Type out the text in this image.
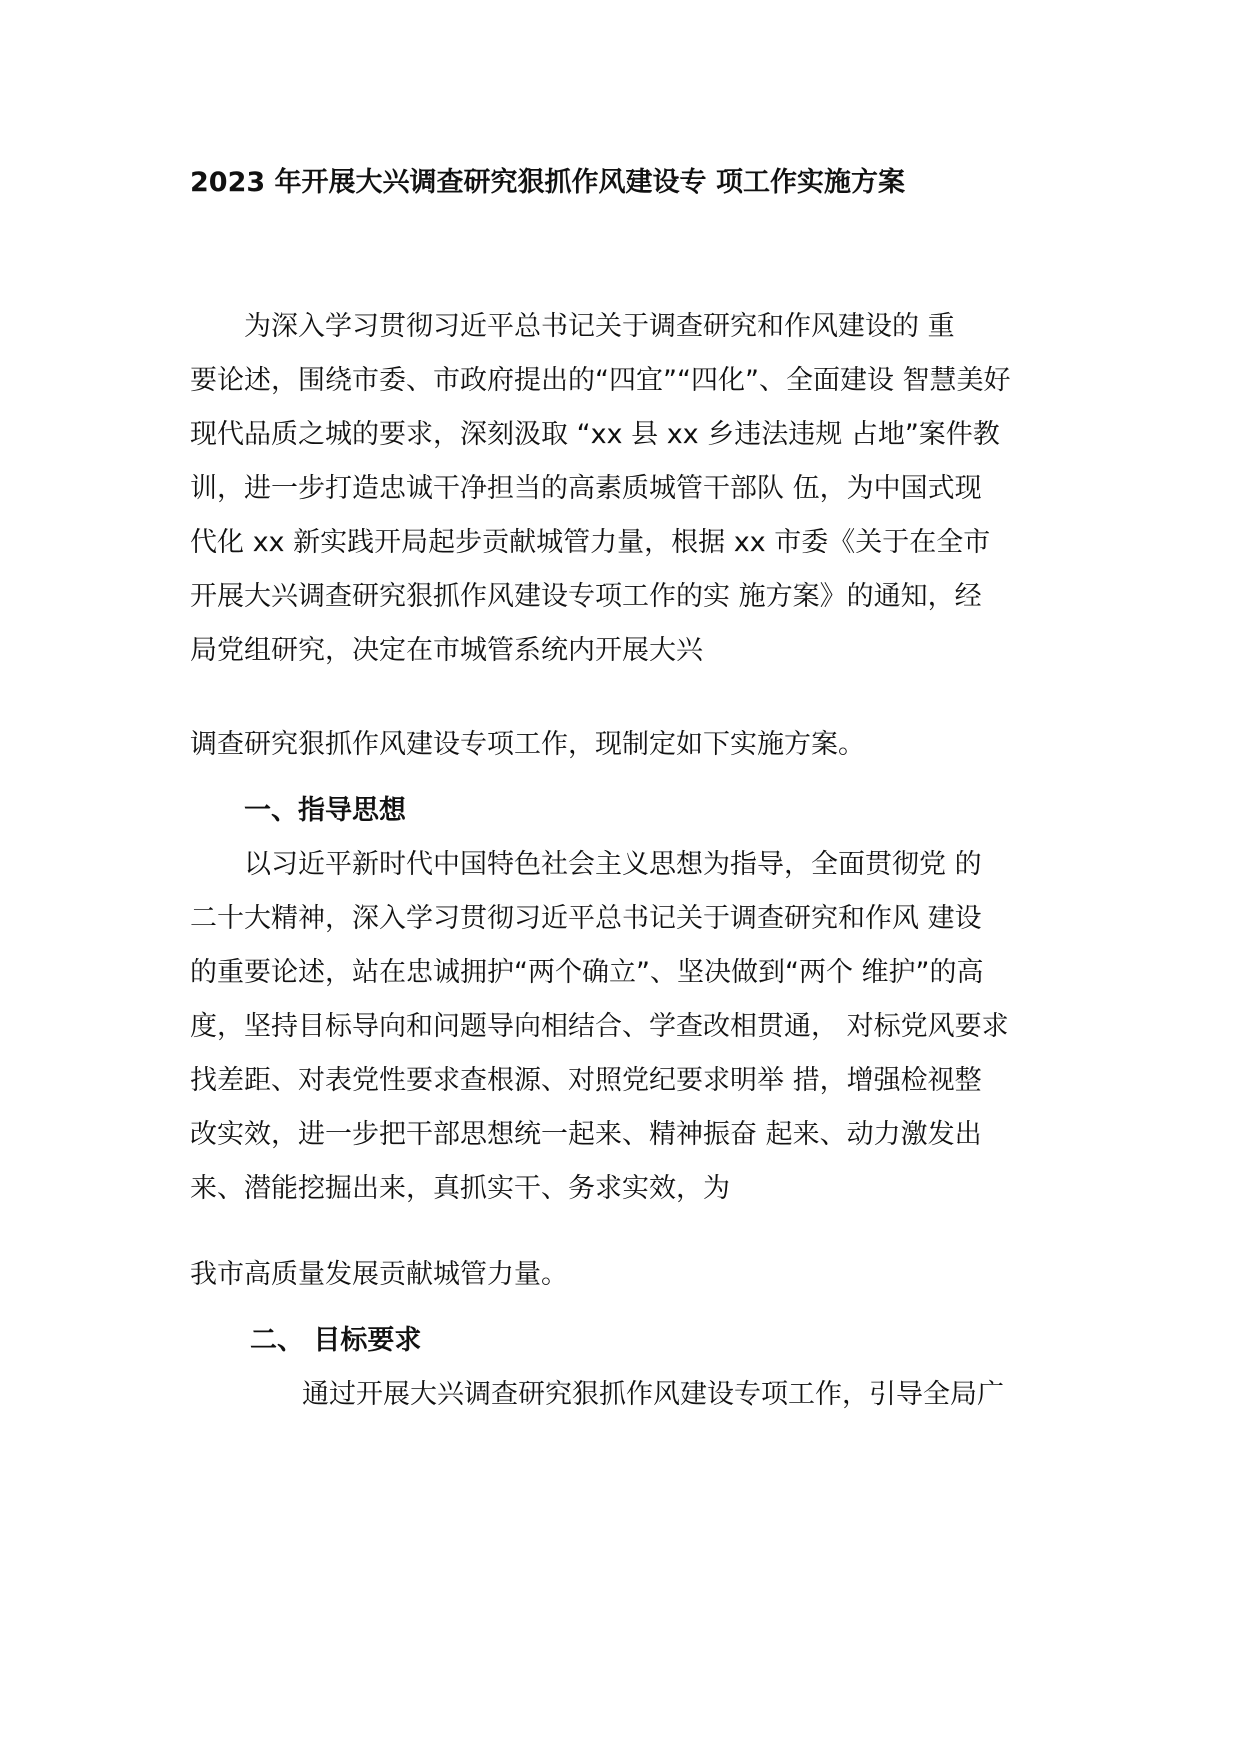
2023 年开展大兴调查研究狠抓作风建设专 项工作实施方案
为深入学习贯彻习近平总书记关于调查研究和作风建设的 重
要论述，围绕市委、市政府提出的“四宜”“四化”、全面建设 智慧美好
现代品质之城的要求，深刻汲取 “xx 县 xx 乡违法违规 占地”案件教
训，进一步打造忠诚干净担当的高素质城管干部队 伍，为中国式现
代化 xx 新实践开局起步贡献城管力量，根据 xx 市委《关于在全市
开展大兴调查研究狠抓作风建设专项工作的实 施方案》的通知，经
局党组研究，决定在市城管系统内开展大兴
调查研究狠抓作风建设专项工作，现制定如下实施方案。
一、指导思想
以习近平新时代中国特色社会主义思想为指导，全面贯彻党 的
二十大精神，深入学习贯彻习近平总书记关于调查研究和作风 建设
的重要论述，站在忠诚拥护“两个确立”、坚决做到“两个 维护”的高
度，坚持目标导向和问题导向相结合、学查改相贯通， 对标党风要求
找差距、对表党性要求查根源、对照党纪要求明举 措，增强检视整
改实效，进一步把干部思想统一起来、精神振奋 起来、动力激发出
来、潜能挖掘出来，真抓实干、务求实效，为
我市高质量发展贡献城管力量。
二、 目标要求
通过开展大兴调查研究狠抓作风建设专项工作，引导全局广
